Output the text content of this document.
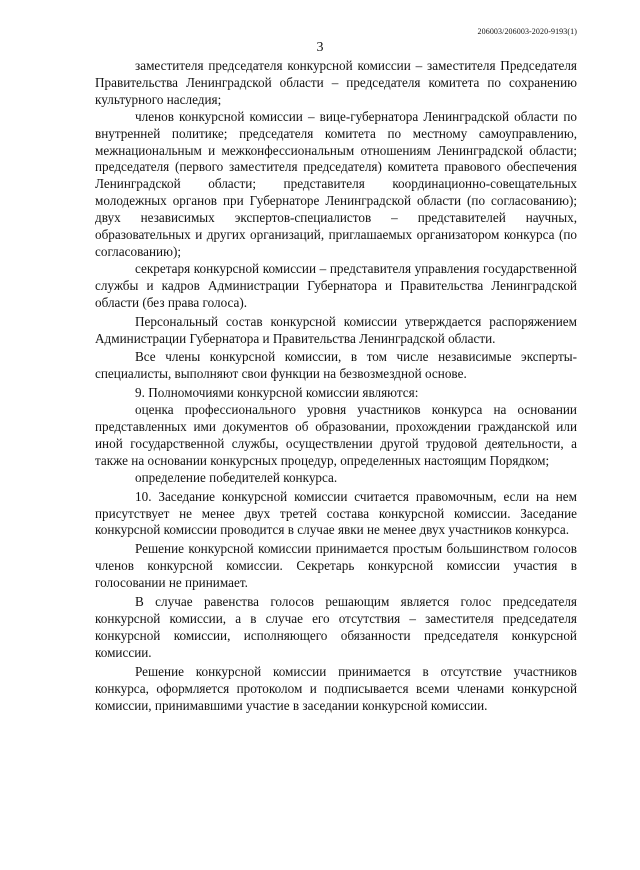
206003/206003-2020-9193(1)
3

заместителя председателя конкурсной комиссии – заместителя Председателя Правительства Ленинградской области – председателя комитета по сохранению культурного наследия;

членов конкурсной комиссии – вице-губернатора Ленинградской области по внутренней политике; председателя комитета по местному самоуправлению, межнациональным и межконфессиональным отношениям Ленинградской области; председателя (первого заместителя председателя) комитета правового обеспечения Ленинградской области; представителя координационно-совещательных молодежных органов при Губернаторе Ленинградской области (по согласованию); двух независимых экспертов-специалистов – представителей научных, образовательных и других организаций, приглашаемых организатором конкурса (по согласованию);

секретаря конкурсной комиссии – представителя управления государственной службы и кадров Администрации Губернатора и Правительства Ленинградской области (без права голоса).

Персональный состав конкурсной комиссии утверждается распоряжением Администрации Губернатора и Правительства Ленинградской области.

Все члены конкурсной комиссии, в том числе независимые эксперты-специалисты, выполняют свои функции на безвозмездной основе.

9. Полномочиями конкурсной комиссии являются:

оценка профессионального уровня участников конкурса на основании представленных ими документов об образовании, прохождении гражданской или иной государственной службы, осуществлении другой трудовой деятельности, а также на основании конкурсных процедур, определенных настоящим Порядком;

определение победителей конкурса.

10. Заседание конкурсной комиссии считается правомочным, если на нем присутствует не менее двух третей состава конкурсной комиссии. Заседание конкурсной комиссии проводится в случае явки не менее двух участников конкурса.

Решение конкурсной комиссии принимается простым большинством голосов членов конкурсной комиссии. Секретарь конкурсной комиссии участия в голосовании не принимает.

В случае равенства голосов решающим является голос председателя конкурсной комиссии, а в случае его отсутствия – заместителя председателя конкурсной комиссии, исполняющего обязанности председателя конкурсной комиссии.

Решение конкурсной комиссии принимается в отсутствие участников конкурса, оформляется протоколом и подписывается всеми членами конкурсной комиссии, принимавшими участие в заседании конкурсной комиссии.
